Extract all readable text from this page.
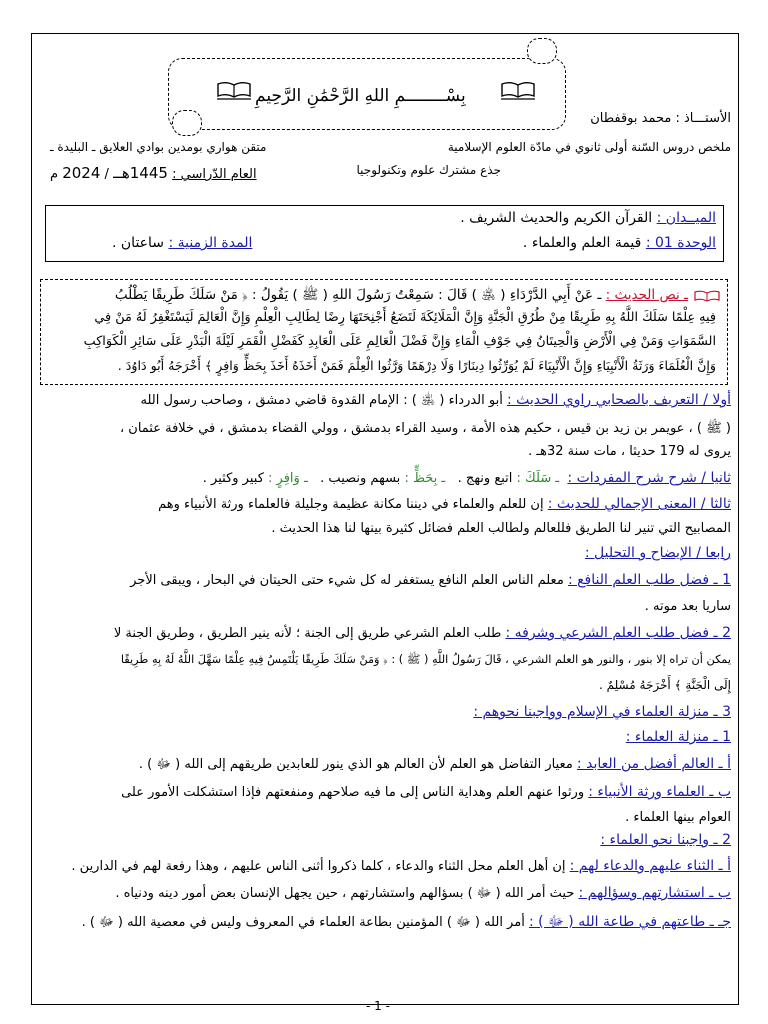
بِسْــــــــمِ اللهِ الرَّحْمَٰنِ الرَّحِيمِ
الأستـــاذ : محمد بوقفطان
ملخص دروس السّنة أولى ثانوي في مادّة العلوم الإسلامية
متقن هواري بومدين بوادي العلايق ـ البليدة ـ
جذع مشترك علوم وتكنولوجيا
العام الدّراسي : 1445هــ / 2024 م
الميــدان : القرآن الكريم والحديث الشريف .
الوحدة 01 : قيمة العلم والعلماء .
المدة الزمنية : ساعتان .
ـ نص الحديث : ـ عَنْ أَبِي الدَّرْدَاءِ ( ﵁ ) قَالَ : سَمِعْتُ رَسُولَ اللهِ ( ﷺ ) يَقُولُ : ﴿ مَنْ سَلَكَ طَرِيقًا يَطْلُبُ
فِيهِ عِلْمًا سَلَكَ اللَّهُ بِهِ طَرِيقًا مِنْ طُرُقِ الْجَنَّةِ وَإِنَّ الْمَلَائِكَةَ لَتَضَعُ أَجْنِحَتَهَا رِضًا لِطَالِبِ الْعِلْمِ وَإِنَّ الْعَالِمَ لَيَسْتَغْفِرُ لَهُ مَنْ فِي
السَّمَوَاتِ وَمَنْ فِي الْأَرْضِ وَالْحِيتَانُ فِي جَوْفِ الْمَاءِ وَإِنَّ فَضْلَ الْعَالِمِ عَلَى الْعَابِدِ كَفَضْلِ الْقَمَرِ لَيْلَةَ الْبَدْرِ عَلَى سَائِرِ الْكَوَاكِبِ
وَإِنَّ الْعُلَمَاءَ وَرَثَةُ الْأَنْبِيَاءِ وَإِنَّ الْأَنْبِيَاءَ لَمْ يُوَرِّثُوا دِينَارًا وَلَا دِرْهَمًا وَرَّثُوا الْعِلْمَ فَمَنْ أَخَذَهُ أَخَذَ بِحَظٍّ وَافِرٍ ﴾ أَخْرَجَهُ أَبُو دَاوُدَ .
أولا / التعريف بالصحابي راوي الحديث : أبو الدرداء ( ﵁ ) : الإمام القدوة قاضي دمشق ، وصاحب رسول الله
( ﷺ ) ، عويمر بن زيد بن قيس ، حكيم هذه الأمة ، وسيد القراء بدمشق ، وولي القضاء بدمشق ، في خلافة عثمان ،
يروى له 179 حديثا ، مات سنة 32هـ .
ثانيا / شرح شرح المفردات :  ـ سَلَكَ : اتبع ونهج .   ـ بِحَظٍّ : بسهم ونصيب .   ـ وَافِرٍ : كبير وكثير .
ثالثا / المعنى الإجمالي للحديث : إن للعلم والعلماء في ديننا مكانة عظيمة وجليلة فالعلماء ورثة الأنبياء وهم
المصابيح التي تنير لنا الطريق فللعالم ولطالب العلم فضائل كثيرة بينها لنا هذا الحديث .
رابعا / الإيضاح و التحليل :
1 ـ فضل طلب العلم النافع : معلم الناس العلم النافع يستغفر له كل شيء حتى الحيتان في البحار ، ويبقى الأجر
ساريا بعد موته .
2 ـ فضل طلب العلم الشرعي وشرفه : طلب العلم الشرعي طريق إلى الجنة ؛ لأنه ينير الطريق ، وطريق الجنة لا
يمكن أن تراه إلا بنور ، والنور هو العلم الشرعي ، قَالَ رَسُولُ اللَّهِ ( ﷺ ) : ﴿ وَمَنْ سَلَكَ طَرِيقًا يَلْتَمِسُ فِيهِ عِلْمًا سَهَّلَ اللَّهُ لَهُ بِهِ طَرِيقًا
إِلَى الْجَنَّةِ ﴾ أَخْرَجَهُ مُسْلِمٌ .
3 ـ منزلة العلماء في الإسلام وواجبنا نحوهم :
1 ـ منزلة العلماء :
أ ـ العالم أفضل من العابد : معيار التفاضل هو العلم لأن العالم هو الذي ينور للعابدين طريقهم إلى الله ( ﷻ ) .
ب ـ العلماء ورثة الأنبياء : ورثوا عنهم العلم وهداية الناس إلى ما فيه صلاحهم ومنفعتهم فإذا استشكلت الأمور على
العوام بينها العلماء .
2 ـ واجبنا نحو العلماء :
أ ـ الثناء عليهم والدعاء لهم : إن أهل العلم محل الثناء والدعاء ، كلما ذكروا أثنى الناس عليهم ، وهذا رفعة لهم في الدارين .
ب ـ استشارتهم وسؤالهم : حيث أمر الله ( ﷻ ) بسؤالهم واستشارتهم ، حين يجهل الإنسان بعض أمور دينه ودنياه .
جـ ـ طاعتهم في طاعة الله ( ﷻ ) : أمر الله ( ﷻ ) المؤمنين بطاعة العلماء في المعروف وليس في معصية الله ( ﷻ ) .
- 1 -
